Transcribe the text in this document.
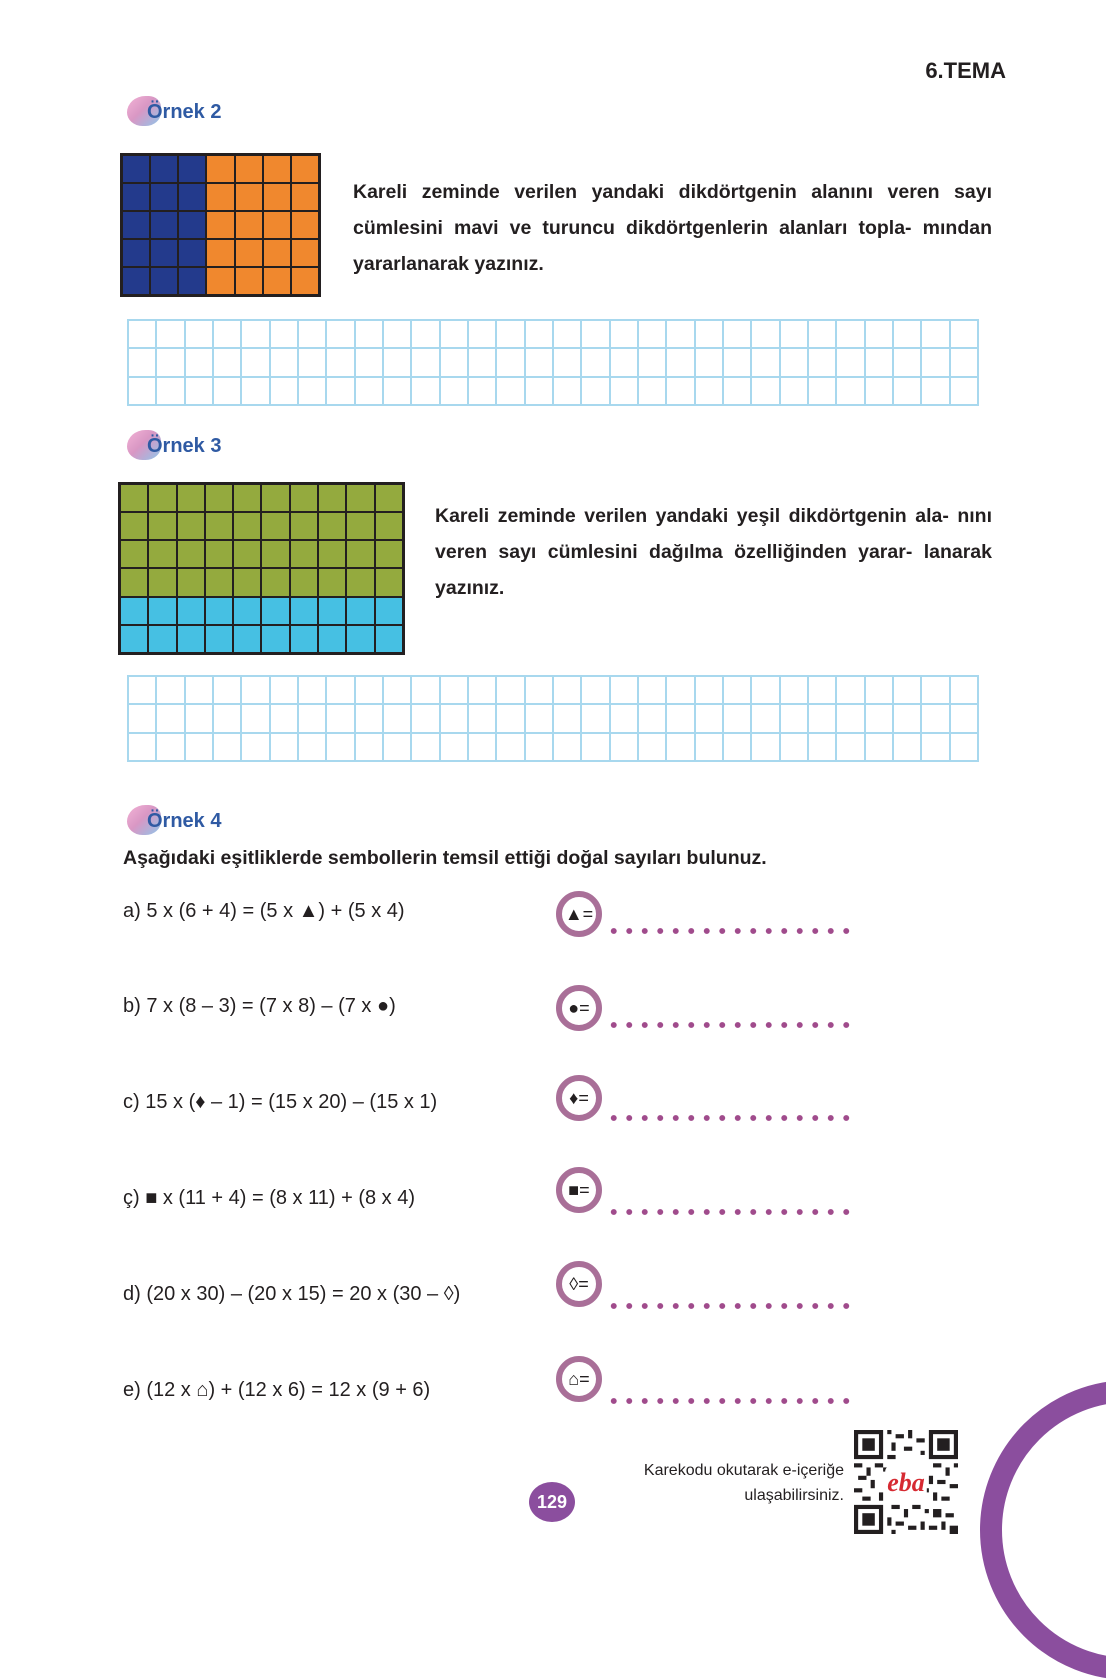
6.TEMA
Örnek 2
Kareli zeminde verilen yandaki dikdörtgenin alanını veren sayı cümlesini mavi ve turuncu dikdörtgenlerin alanları topla- mından yararlanarak yazınız.
Örnek 3
Kareli zeminde verilen yandaki yeşil dikdörtgenin ala- nını veren sayı cümlesini dağılma özelliğinden yarar- lanarak yazınız.
Örnek 4
Aşağıdaki eşitliklerde sembollerin temsil ettiği doğal sayıları bulunuz.
a) 5 x (6 + 4) = (5 x ▲) + (5 x 4)	▲=
b) 7 x (8 – 3) = (7 x 8) – (7 x ●)	●=
c) 15 x (♦ – 1) = (15 x 20) – (15 x 1)	♦=
ç) ■ x (11 + 4) = (8 x 11) + (8 x 4)	■=
d) (20 x 30) – (20 x 15) = 20 x (30 – ◊)	◊=
e) (12 x ⌂) + (12 x 6) = 12 x (9 + 6)
⌂=
Karekodu okutarak e-içeriğe
ulaşabilirsiniz.
129
eba
